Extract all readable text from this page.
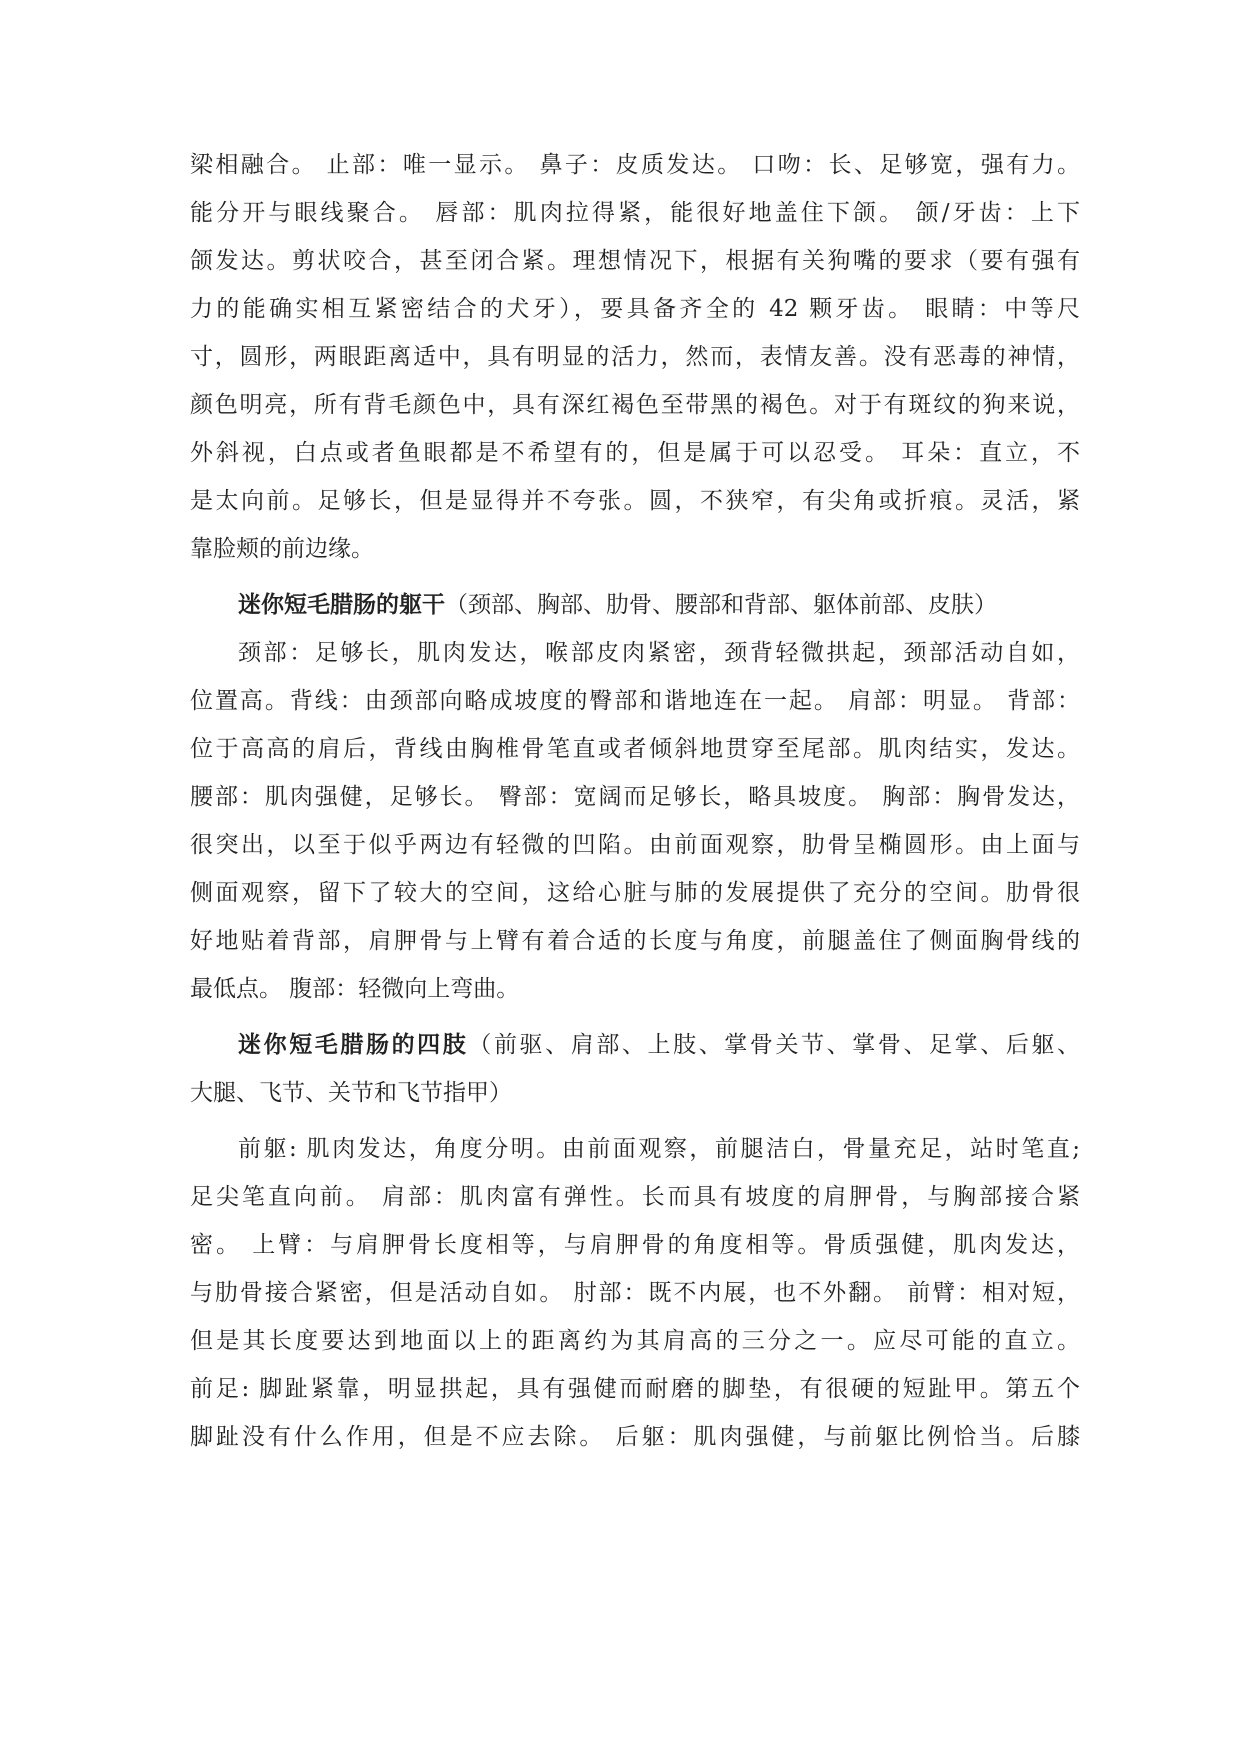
梁相融合。 止部：唯一显示。 鼻子：皮质发达。 口吻：长、足够宽，强有力。
能分开与眼线聚合。 唇部：肌肉拉得紧，能很好地盖住下颌。 颌/牙齿：上下
颌发达。剪状咬合，甚至闭合紧。理想情况下，根据有关狗嘴的要求（要有强有
力的能确实相互紧密结合的犬牙），要具备齐全的 42 颗牙齿。 眼睛：中等尺
寸，圆形，两眼距离适中，具有明显的活力，然而，表情友善。没有恶毒的神情，
颜色明亮，所有背毛颜色中，具有深红褐色至带黑的褐色。对于有斑纹的狗来说，
外斜视，白点或者鱼眼都是不希望有的，但是属于可以忍受。 耳朵：直立，不
是太向前。足够长，但是显得并不夸张。圆，不狭窄，有尖角或折痕。灵活，紧
靠脸颊的前边缘。
迷你短毛腊肠的躯干（颈部、胸部、肋骨、腰部和背部、躯体前部、皮肤）
颈部：足够长，肌肉发达，喉部皮肉紧密，颈背轻微拱起，颈部活动自如，
位置高。背线：由颈部向略成坡度的臀部和谐地连在一起。 肩部：明显。 背部：
位于高高的肩后，背线由胸椎骨笔直或者倾斜地贯穿至尾部。肌肉结实，发达。
腰部：肌肉强健，足够长。 臀部：宽阔而足够长，略具坡度。 胸部：胸骨发达，
很突出，以至于似乎两边有轻微的凹陷。由前面观察，肋骨呈椭圆形。由上面与
侧面观察，留下了较大的空间，这给心脏与肺的发展提供了充分的空间。肋骨很
好地贴着背部，肩胛骨与上臂有着合适的长度与角度，前腿盖住了侧面胸骨线的
最低点。 腹部：轻微向上弯曲。
迷你短毛腊肠的四肢（前驱、肩部、上肢、掌骨关节、掌骨、足掌、后躯、
大腿、飞节、关节和飞节指甲）
前躯: 肌肉发达，角度分明。由前面观察，前腿洁白，骨量充足，站时笔直;
足尖笔直向前。 肩部：肌肉富有弹性。长而具有坡度的肩胛骨，与胸部接合紧
密。 上臂：与肩胛骨长度相等，与肩胛骨的角度相等。骨质强健，肌肉发达，
与肋骨接合紧密，但是活动自如。 肘部：既不内展，也不外翻。 前臂：相对短，
但是其长度要达到地面以上的距离约为其肩高的三分之一。应尽可能的直立。
前足: 脚趾紧靠，明显拱起，具有强健而耐磨的脚垫，有很硬的短趾甲。第五个
脚趾没有什么作用，但是不应去除。 后躯：肌肉强健，与前躯比例恰当。后膝
